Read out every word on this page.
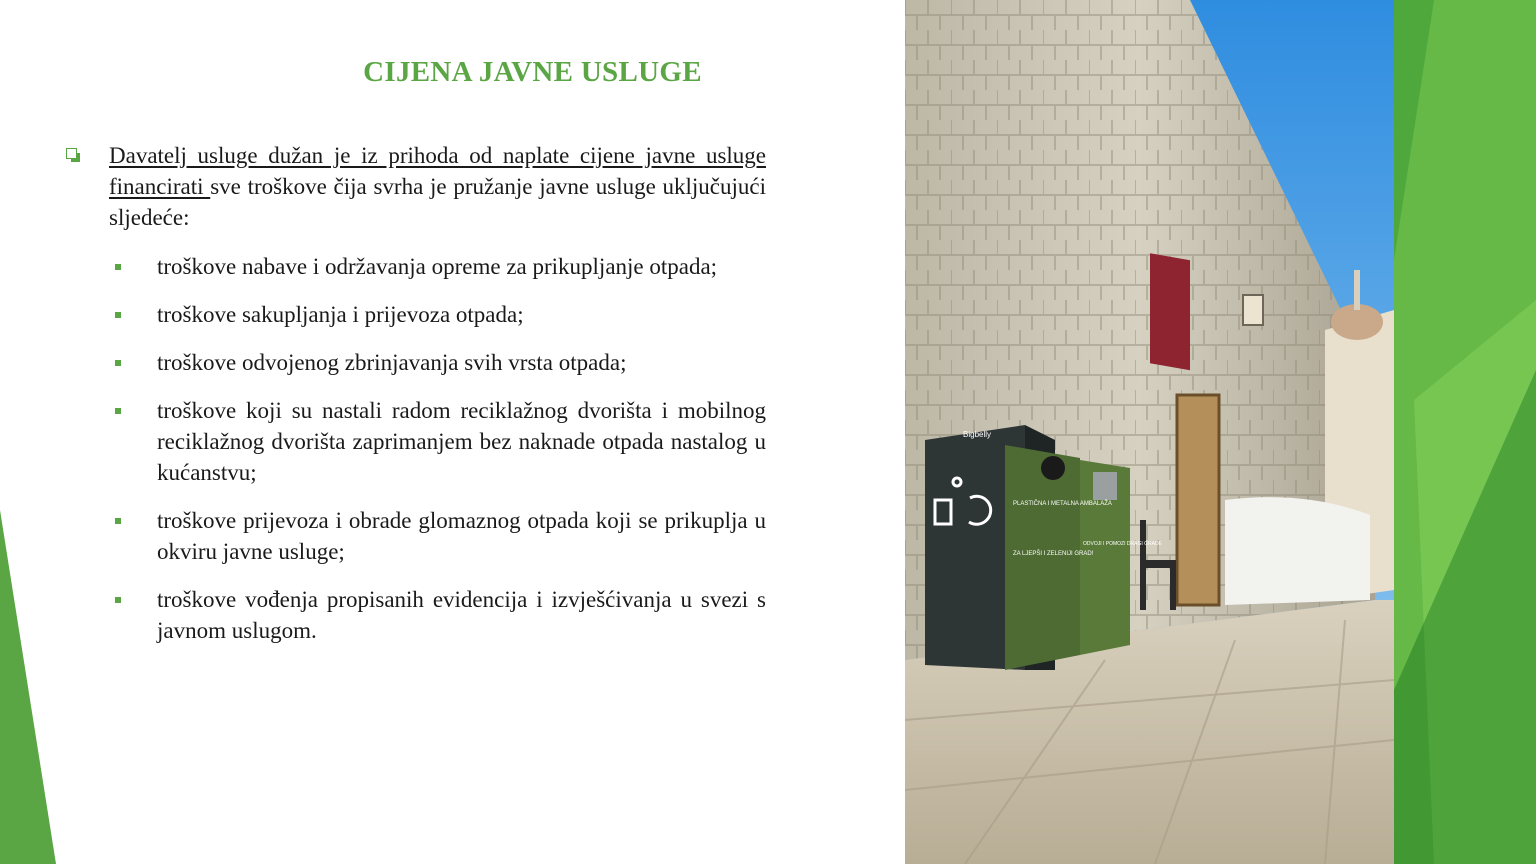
CIJENA JAVNE USLUGE
Davatelj usluge dužan je iz prihoda od naplate cijene javne usluge financirati sve troškove čija svrha je pružanje javne usluge uključujući sljedeće:
troškove nabave i održavanja opreme za prikupljanje otpada;
troškove sakupljanja i prijevoza otpada;
troškove odvojenog zbrinjavanja svih vrsta otpada;
troškove koji su nastali radom reciklažnog dvorišta i mobilnog reciklažnog dvorišta zaprimanjem bez naknade otpada nastalog u kućanstvu;
troškove prijevoza i obrade glomaznog otpada koji se prikuplja u okviru javne usluge;
troškove vođenja propisanih evidencija i izvješćivanja u svezi s javnom uslugom.
Bigbelly
PLASTIČNA I METALNA AMBALAŽA
ZA LJEPŠI I ZELENIJI GRAD!
ODVOJI I POMOZI DRAGI GRADE
